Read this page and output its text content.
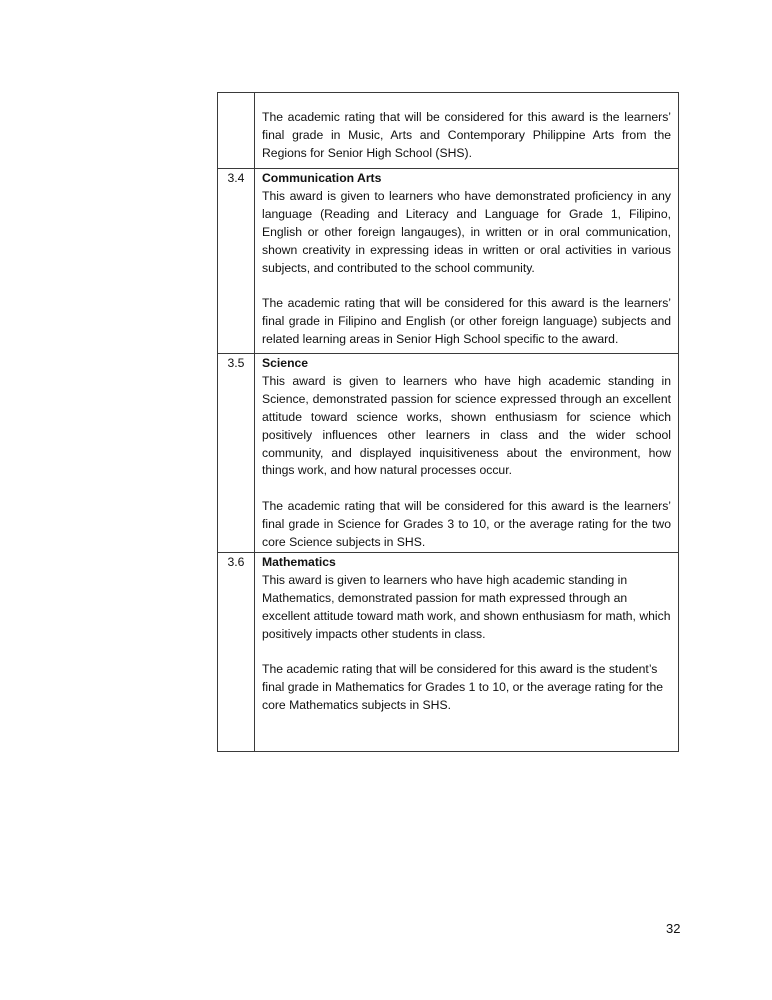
	The academic rating that will be considered for this award is the learners’ final grade in Music, Arts and Contemporary Philippine Arts from the Regions for Senior High School (SHS).

3.4	Communication Arts

This award is given to learners who have demonstrated proficiency in any language (Reading and Literacy and Language for Grade 1, Filipino, English or other foreign langauges), in written or in oral communication, shown creativity in expressing ideas in written or oral activities in various subjects, and contributed to the school community.

The academic rating that will be considered for this award is the learners’ final grade in Filipino and English (or other foreign language) subjects and related learning areas in Senior High School specific to the award.

3.5	Science

This award is given to learners who have high academic standing in Science, demonstrated passion for science expressed through an excellent attitude toward science works, shown enthusiasm for science which positively influences other learners in class and the wider school community, and displayed inquisitiveness about the environment, how things work, and how natural processes occur.

The academic rating that will be considered for this award is the learners’ final grade in Science for Grades 3 to 10, or the average rating for the two core Science subjects in SHS.

3.6	Mathematics

This award is given to learners who have high academic standing in Mathematics, demonstrated passion for math expressed through an excellent attitude toward math work, and shown enthusiasm for math, which positively impacts other students in class.

The academic rating that will be considered for this award is the student’s final grade in Mathematics for Grades 1 to 10, or the average rating for the core Mathematics subjects in SHS.

32
